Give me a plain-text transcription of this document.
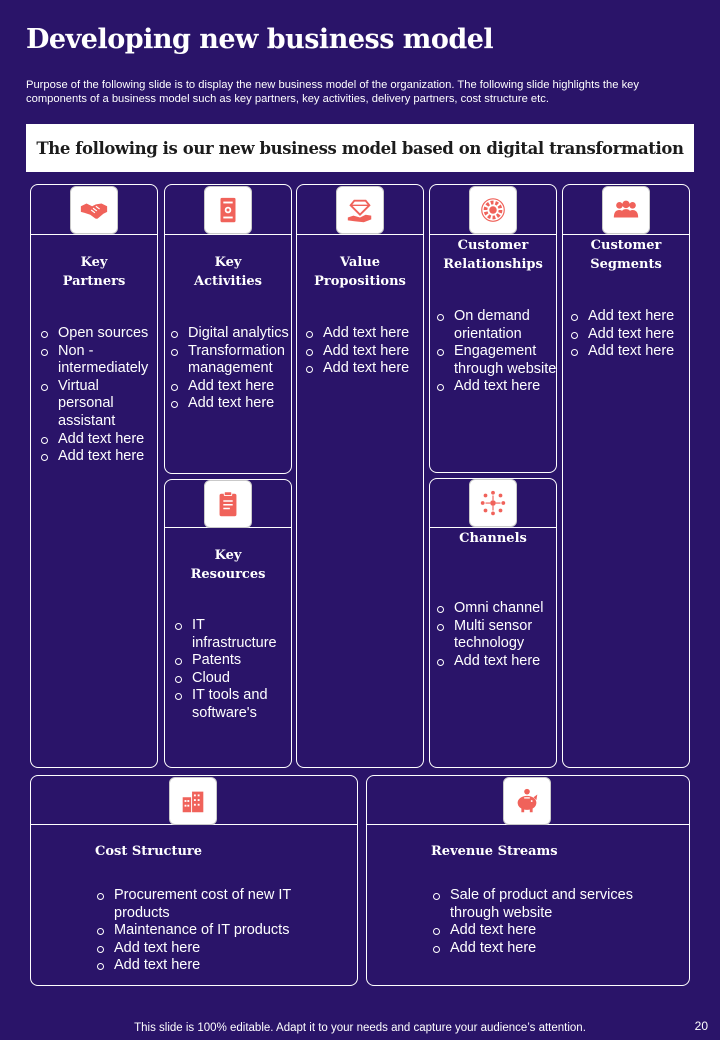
Developing new business model
Purpose of the following slide is to display the new business model of the organization. The following slide highlights the key components of a business model such as key partners, key activities, delivery partners, cost structure etc.
The following is our new business model based on digital transformation
Key
Partners
Open sources
Non - intermediately
Virtual personal assistant
Add text here
Add text here
Key
Activities
Digital analytics
Transformation management
Add text here
Add text here
Key
Resources
IT infrastructure
Patents
Cloud
IT tools and software's
Value
Propositions
Add text here
Add text here
Add text here
Customer
Relationships
On demand orientation
Engagement through website
Add text here
Channels
Omni channel
Multi sensor technology
Add text here
Customer
Segments
Add text here
Add text here
Add text here
Cost Structure
Procurement cost of new IT products
Maintenance of IT products
Add text here
Add text here
Revenue Streams
Sale of product and services through website
Add text here
Add text here
This slide is 100% editable. Adapt it to your needs and capture your audience’s attention.	20
